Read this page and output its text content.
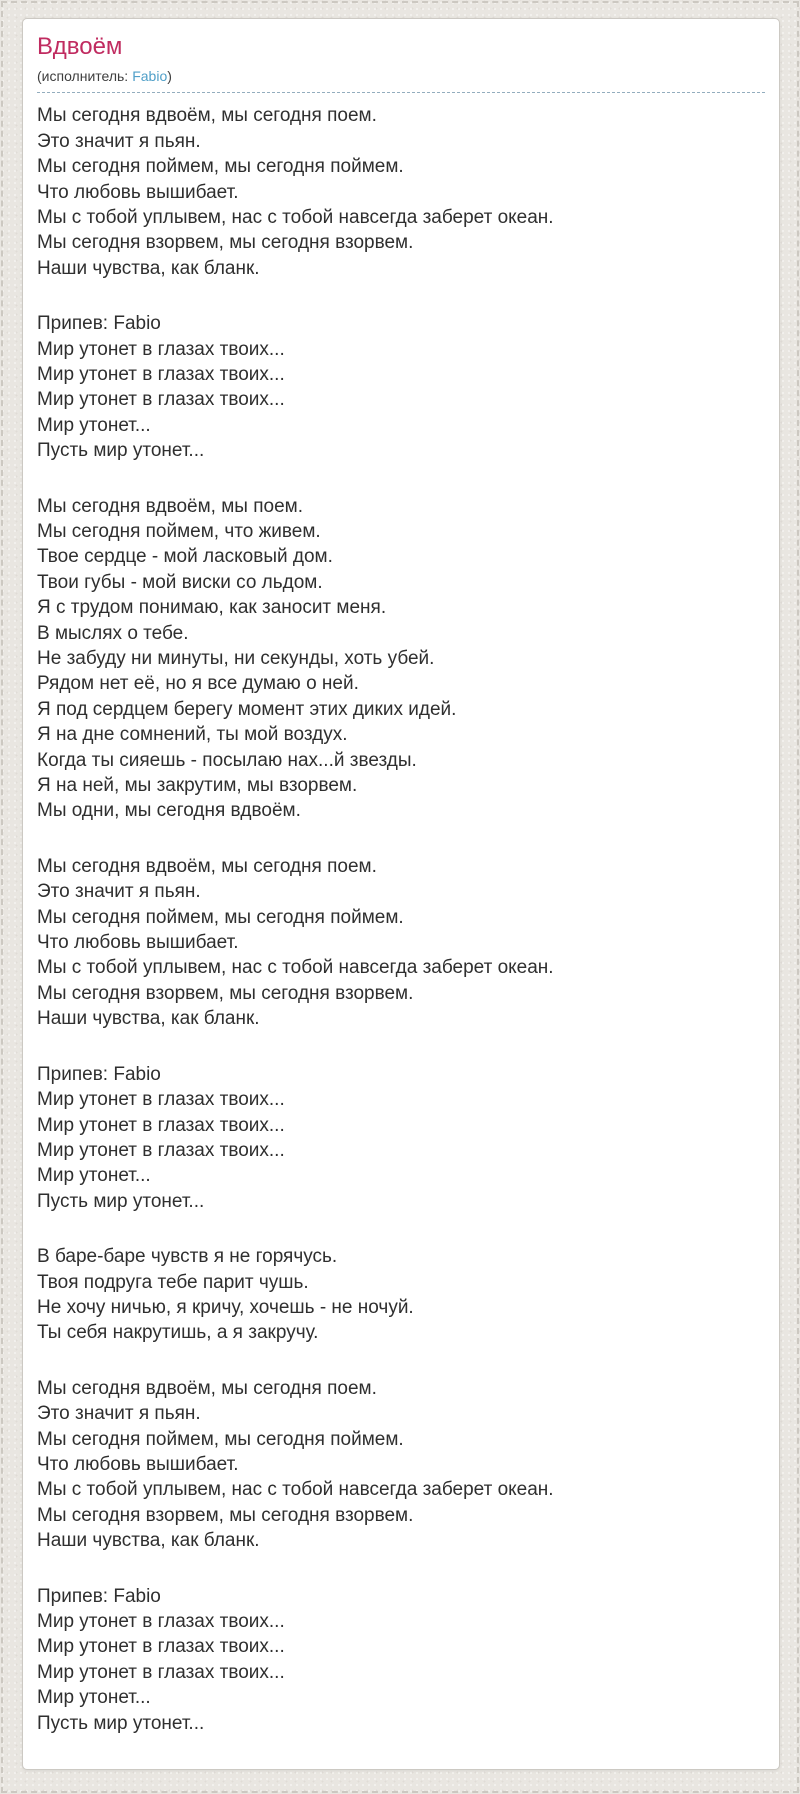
Вдвоём
(исполнитель: Fabio)

Мы сегодня вдвоём, мы сегодня поем.
Это значит я пьян.
Мы сегодня поймем, мы сегодня поймем.
Что любовь вышибает.
Мы с тобой уплывем, нас с тобой навсегда заберет океан.
Мы сегодня взорвем, мы сегодня взорвем.
Наши чувства, как бланк.

Припев: Fabio
Мир утонет в глазах твоих...
Мир утонет в глазах твоих...
Мир утонет в глазах твоих...
Мир утонет...
Пусть мир утонет...

Мы сегодня вдвоём, мы поем.
Мы сегодня поймем, что живем.
Твое сердце - мой ласковый дом.
Твои губы - мой виски со льдом.
Я с трудом понимаю, как заносит меня.
В мыслях о тебе.
Не забуду ни минуты, ни секунды, хоть убей.
Рядом нет её, но я все думаю о ней.
Я под сердцем берегу момент этих диких идей.
Я на дне сомнений, ты мой воздух.
Когда ты сияешь - посылаю нах...й звезды.
Я на ней, мы закрутим, мы взорвем.
Мы одни, мы сегодня вдвоём.

Мы сегодня вдвоём, мы сегодня поем.
Это значит я пьян.
Мы сегодня поймем, мы сегодня поймем.
Что любовь вышибает.
Мы с тобой уплывем, нас с тобой навсегда заберет океан.
Мы сегодня взорвем, мы сегодня взорвем.
Наши чувства, как бланк.

Припев: Fabio
Мир утонет в глазах твоих...
Мир утонет в глазах твоих...
Мир утонет в глазах твоих...
Мир утонет...
Пусть мир утонет...

В баре-баре чувств я не горячусь.
Твоя подруга тебе парит чушь.
Не хочу ничью, я кричу, хочешь - не ночуй.
Ты себя накрутишь, а я закручу.

Мы сегодня вдвоём, мы сегодня поем.
Это значит я пьян.
Мы сегодня поймем, мы сегодня поймем.
Что любовь вышибает.
Мы с тобой уплывем, нас с тобой навсегда заберет океан.
Мы сегодня взорвем, мы сегодня взорвем.
Наши чувства, как бланк.

Припев: Fabio
Мир утонет в глазах твоих...
Мир утонет в глазах твоих...
Мир утонет в глазах твоих...
Мир утонет...
Пусть мир утонет...
